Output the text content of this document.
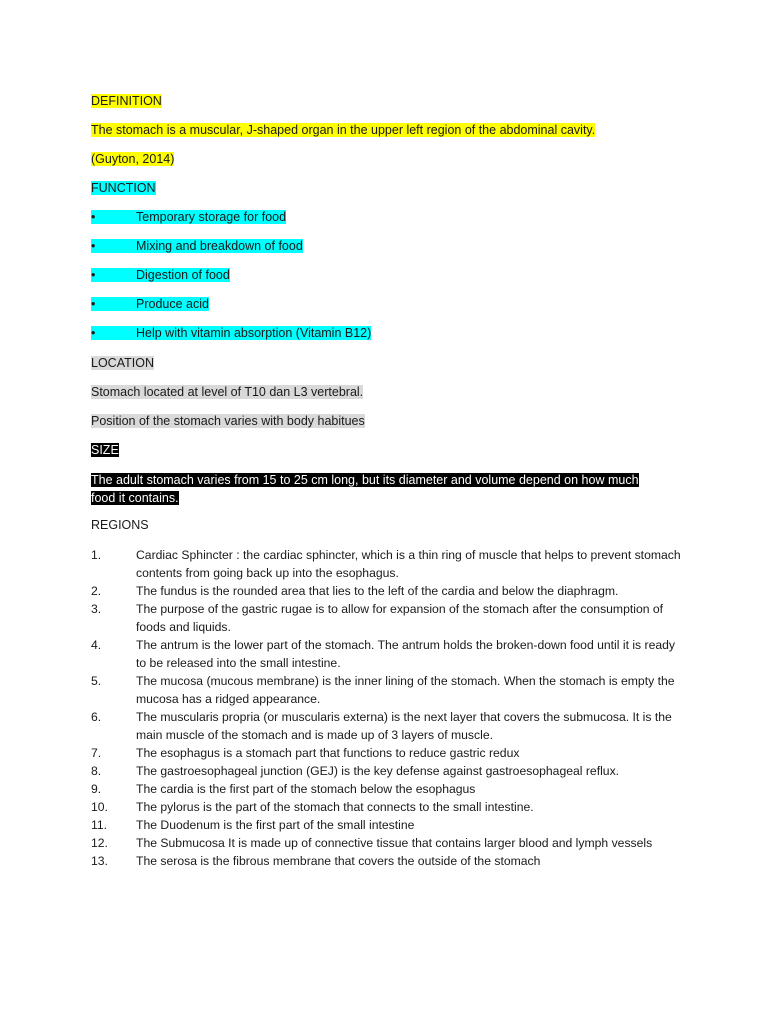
DEFINITION
The stomach is a muscular, J-shaped organ in the upper left region of the abdominal cavity.
(Guyton, 2014)
FUNCTION
•	Temporary storage for food
•	Mixing and breakdown of food
•	Digestion of food
•	Produce acid
•	Help with vitamin absorption (Vitamin B12)
LOCATION
Stomach located at level of T10 dan L3 vertebral.
Position of the stomach varies with body habitues
SIZE
The adult stomach varies from 15 to 25 cm long, but its diameter and volume depend on how much food it contains.
REGIONS
1.	Cardiac Sphincter : the cardiac sphincter, which is a thin ring of muscle that helps to prevent stomach contents from going back up into the esophagus.
2.	The fundus is the rounded area that lies to the left of the cardia and below the diaphragm.
3.	The purpose of the gastric rugae is to allow for expansion of the stomach after the consumption of foods and liquids.
4.	The antrum is the lower part of the stomach. The antrum holds the broken-down food until it is ready to be released into the small intestine.
5.	The mucosa (mucous membrane) is the inner lining of the stomach. When the stomach is empty the mucosa has a ridged appearance.
6.	The muscularis propria (or muscularis externa) is the next layer that covers the submucosa. It is the main muscle of the stomach and is made up of 3 layers of muscle.
7.	The esophagus is a stomach part that functions to reduce gastric redux
8.	The gastroesophageal junction (GEJ) is the key defense against gastroesophageal reflux.
9.	The cardia is the first part of the stomach below the esophagus
10.	The pylorus is the part of the stomach that connects to the small intestine.
11.	The Duodenum is the first part of the small intestine
12.	The Submucosa It is made up of connective tissue that contains larger blood and lymph vessels
13.	The serosa is the fibrous membrane that covers the outside of the stomach
